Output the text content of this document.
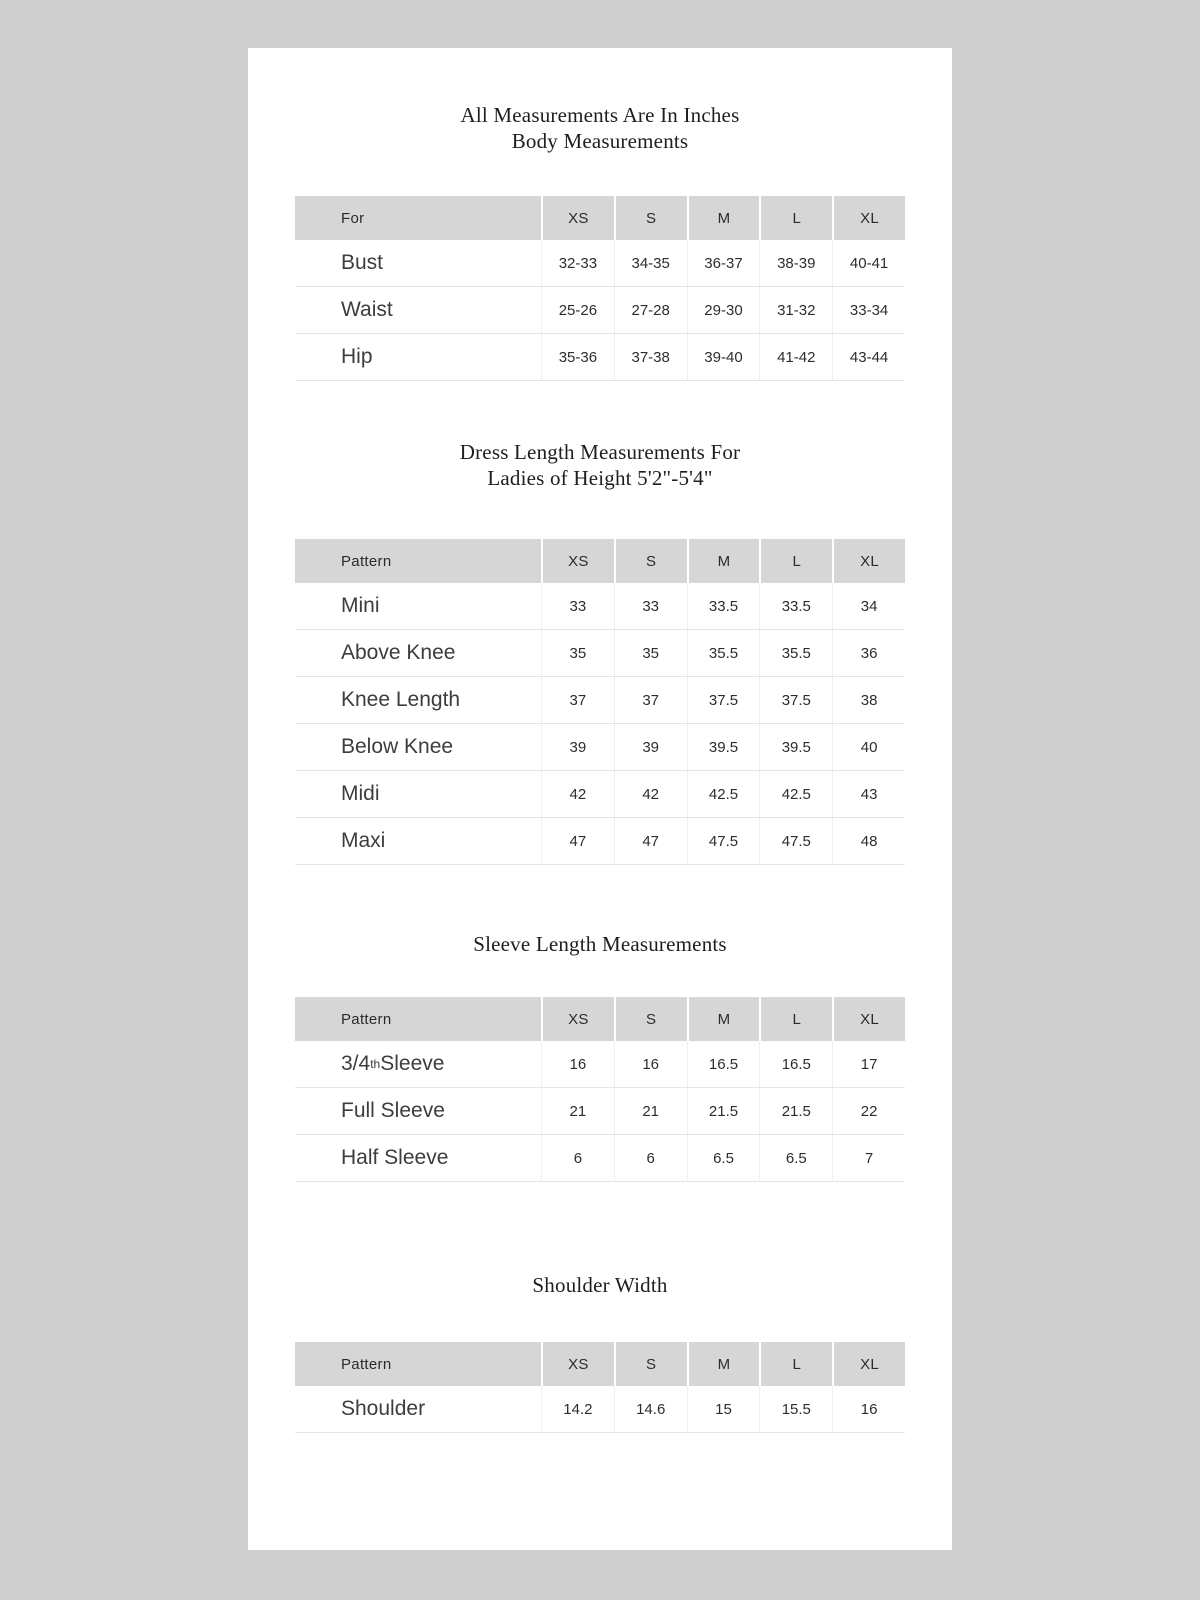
All Measurements Are In Inches
Body Measurements
For	XS	S	M	L	XL
Bust	32-33	34-35	36-37	38-39	40-41
Waist	25-26	27-28	29-30	31-32	33-34
Hip	35-36	37-38	39-40	41-42	43-44
Dress Length Measurements For
Ladies of Height 5'2"-5'4"
Pattern	XS	S	M	L	XL
Mini	33	33	33.5	33.5	34
Above Knee	35	35	35.5	35.5	36
Knee Length	37	37	37.5	37.5	38
Below Knee	39	39	39.5	39.5	40
Midi	42	42	42.5	42.5	43
Maxi	47	47	47.5	47.5	48
Sleeve Length Measurements
Pattern	XS	S	M	L	XL
3/4 th Sleeve	16	16	16.5	16.5	17
Full Sleeve	21	21	21.5	21.5	22
Half Sleeve	6	6	6.5	6.5	7
Shoulder Width
Pattern	XS	S	M	L	XL
Shoulder	14.2	14.6	15	15.5	16
